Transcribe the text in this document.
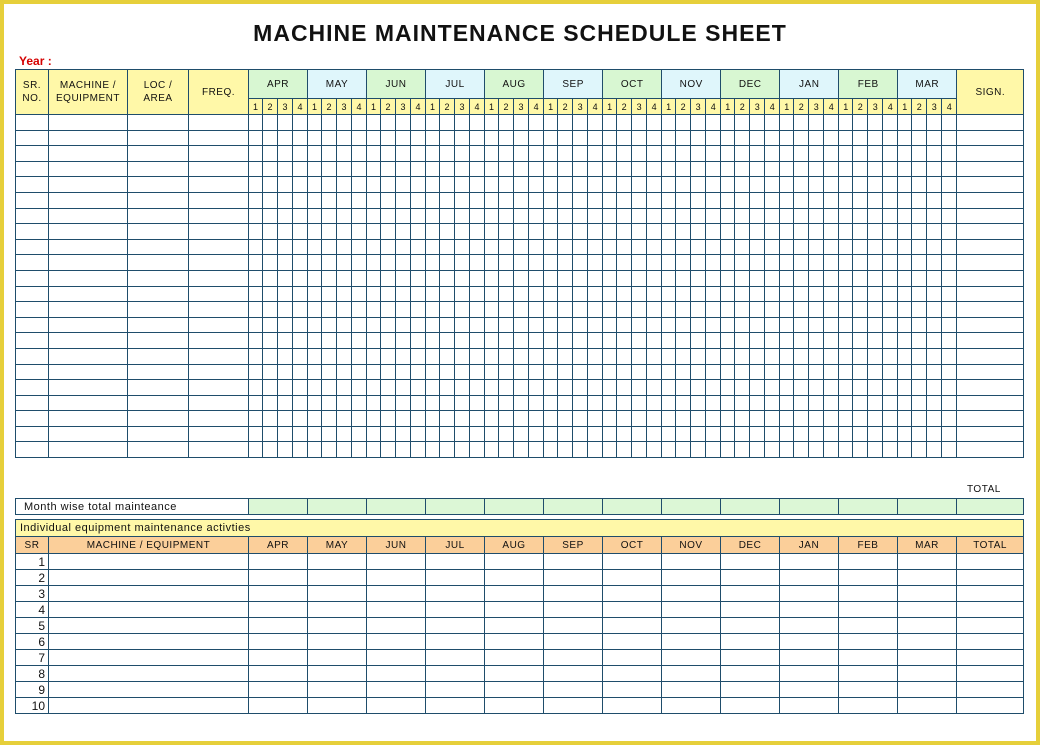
MACHINE MAINTENANCE SCHEDULE SHEET
Year :
SR. NO.	MACHINE / EQUIPMENT	LOC / AREA	FREQ.	APR				MAY				JUN				JUL				AUG				SEP				OCT				NOV				DEC				JAN				FEB				MAR				SIGN.
				1	2	3	4	1	2	3	4	1	2	3	4	1	2	3	4	1	2	3	4	1	2	3	4	1	2	3	4	1	2	3	4	1	2	3	4	1	2	3	4	1	2	3	4	1	2	3	4	

TOTAL
Month wise total mainteance													
Individual equipment maintenance activties														
SR	MACHINE / EQUIPMENT	APR	MAY	JUN	JUL	AUG	SEP	OCT	NOV	DEC	JAN	FEB	MAR	TOTAL
1														
2														
3														
4														
5														
6														
7														
8														
9														
10														
